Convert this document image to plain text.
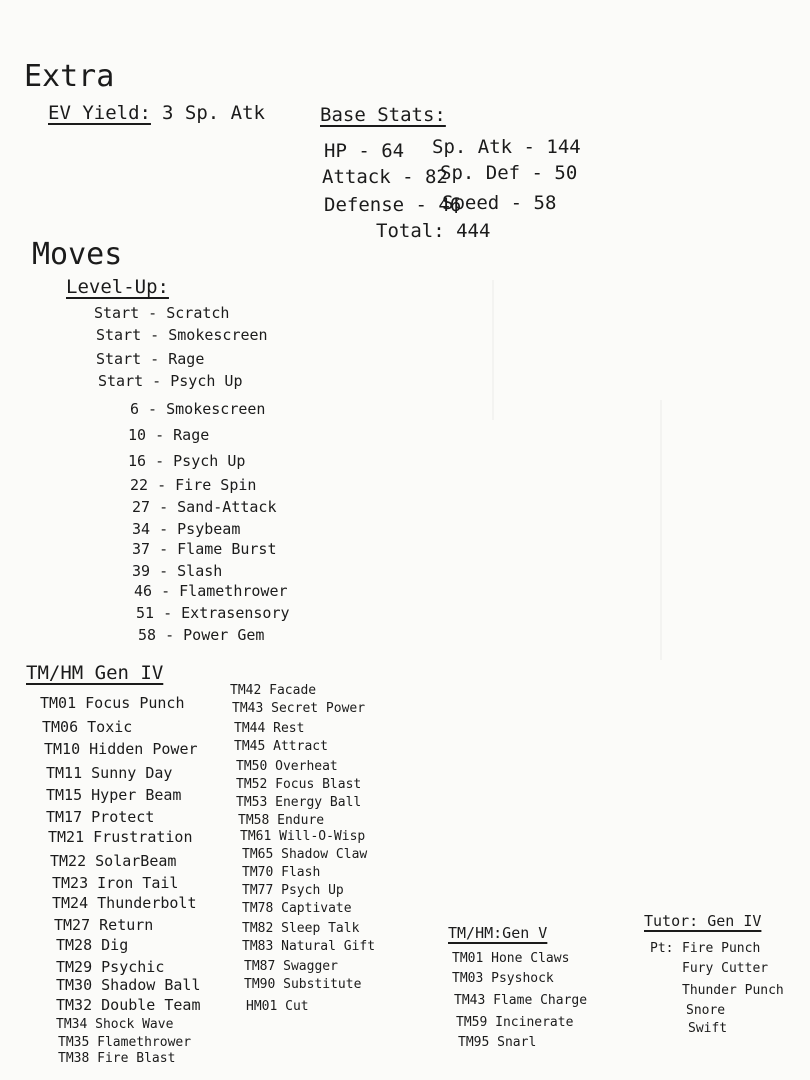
Extra
EV Yield: 3 Sp. Atk	Base Stats:
HP - 64
Attack - 82
Defense - 46
Sp. Atk - 144
Sp. Def - 50
Speed - 58
Total: 444
Moves
Level-Up:
Start - Scratch
Start - Smokescreen
Start - Rage
Start - Psych Up
6 - Smokescreen
10 - Rage
16 - Psych Up
22 - Fire Spin
27 - Sand-Attack
34 - Psybeam
37 - Flame Burst
39 - Slash
46 - Flamethrower
51 - Extrasensory
58 - Power Gem
TM/HM Gen IV
TM01 Focus Punch
TM06 Toxic
TM10 Hidden Power
TM11 Sunny Day
TM15 Hyper Beam
TM17 Protect
TM21 Frustration
TM22 SolarBeam
TM23 Iron Tail
TM24 Thunderbolt
TM27 Return
TM28 Dig
TM29 Psychic
TM30 Shadow Ball
TM32 Double Team
TM34 Shock Wave
TM35 Flamethrower
TM38 Fire Blast
TM42 Facade
TM43 Secret Power
TM44 Rest
TM45 Attract
TM50 Overheat
TM52 Focus Blast
TM53 Energy Ball
TM58 Endure
TM61 Will-O-Wisp
TM65 Shadow Claw
TM70 Flash
TM77 Psych Up
TM78 Captivate
TM82 Sleep Talk
TM83 Natural Gift
TM87 Swagger
TM90 Substitute
HM01 Cut
TM/HM:Gen V
TM01 Hone Claws
TM03 Psyshock
TM43 Flame Charge
TM59 Incinerate
TM95 Snarl
Tutor: Gen IV
Pt: Fire Punch
Fury Cutter
Thunder Punch
Snore
Swift
